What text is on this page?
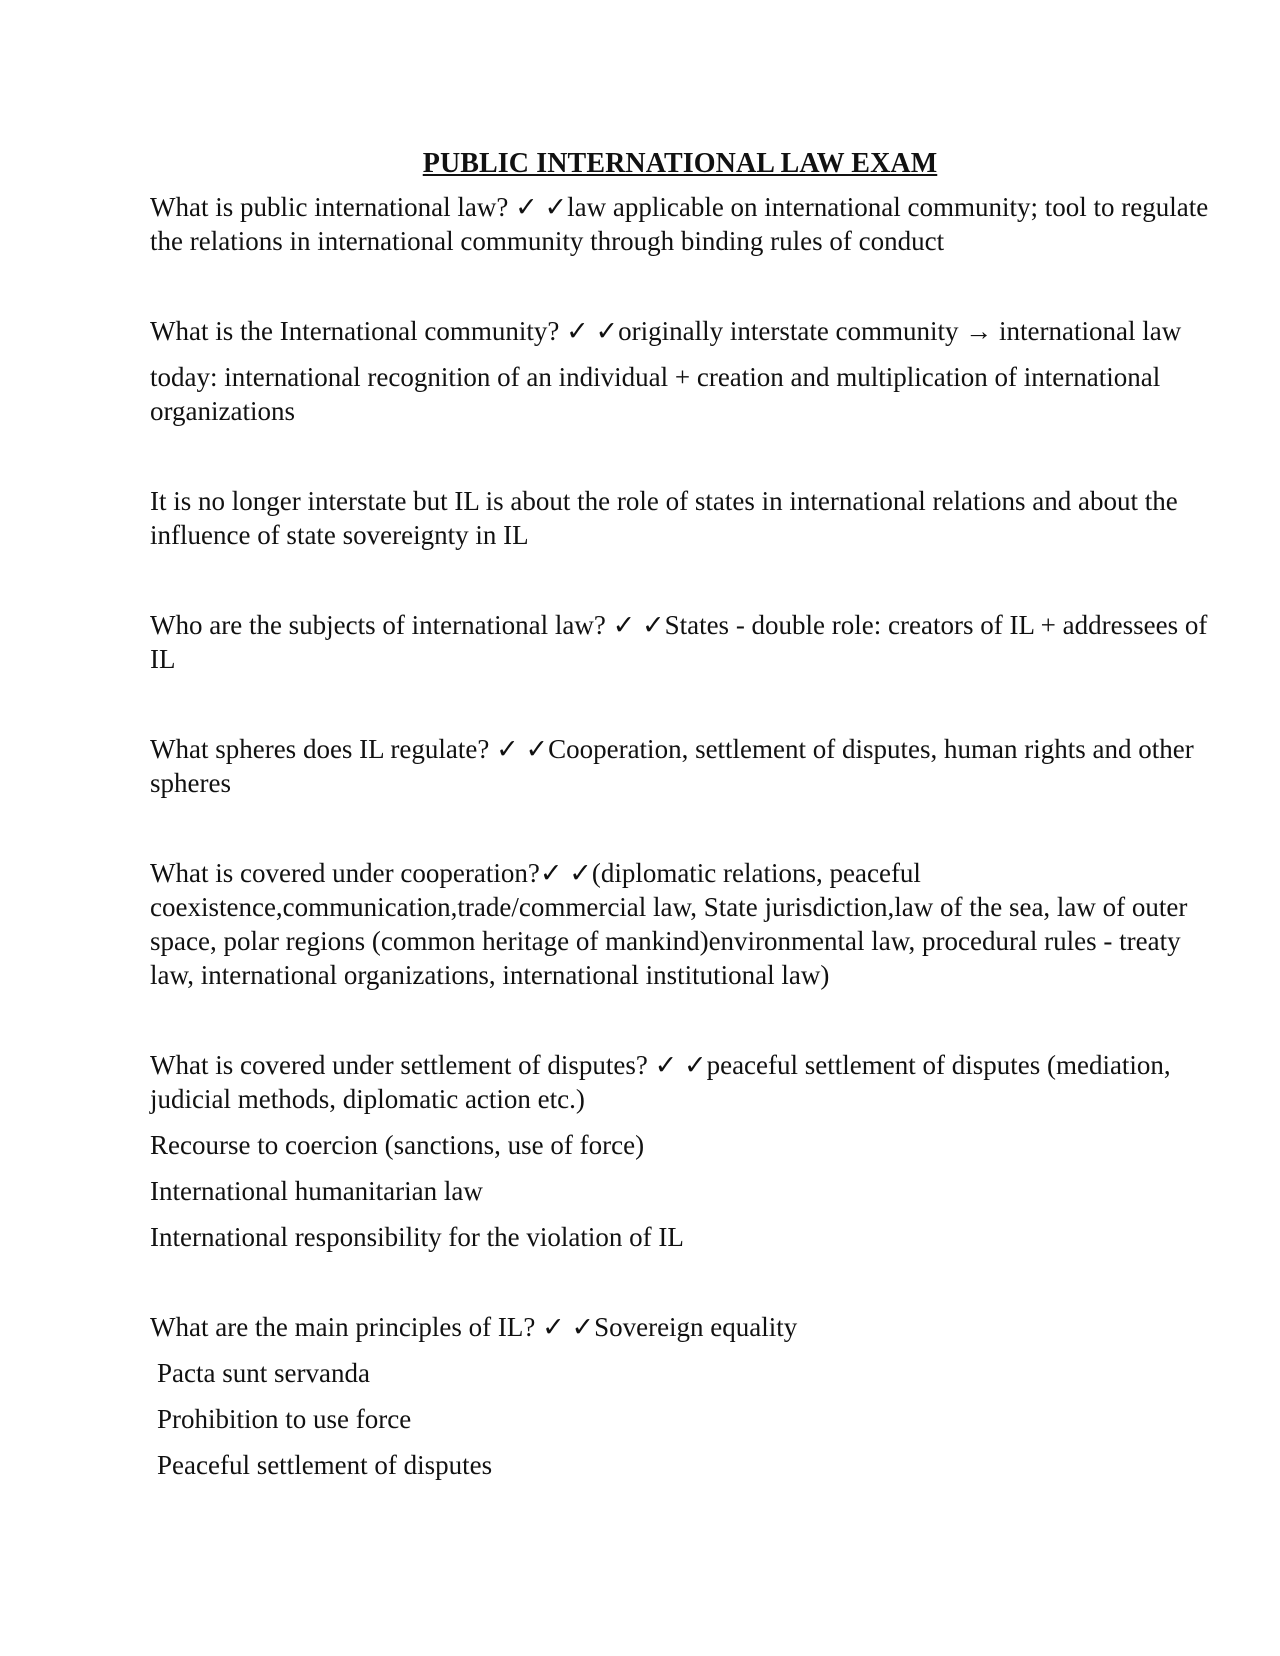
PUBLIC INTERNATIONAL LAW EXAM

What is public international law? ✓ ✓law applicable on international community; tool to regulate the relations in international community through binding rules of conduct

What is the International community? ✓ ✓originally interstate community → international law

today: international recognition of an individual + creation and multiplication of international organizations

It is no longer interstate but IL is about the role of states in international relations and about the influence of state sovereignty in IL

Who are the subjects of international law? ✓ ✓States - double role: creators of IL + addressees of IL

What spheres does IL regulate? ✓ ✓Cooperation, settlement of disputes, human rights and other spheres

What is covered under cooperation?✓ ✓(diplomatic relations, peaceful coexistence,communication,trade/commercial law, State jurisdiction,law of the sea, law of outer space, polar regions (common heritage of mankind)environmental law, procedural rules - treaty law, international organizations, international institutional law)

What is covered under settlement of disputes? ✓ ✓peaceful settlement of disputes (mediation, judicial methods, diplomatic action etc.)

Recourse to coercion (sanctions, use of force)

International humanitarian law

International responsibility for the violation of IL

What are the main principles of IL? ✓ ✓Sovereign equality

Pacta sunt servanda

Prohibition to use force

Peaceful settlement of disputes
